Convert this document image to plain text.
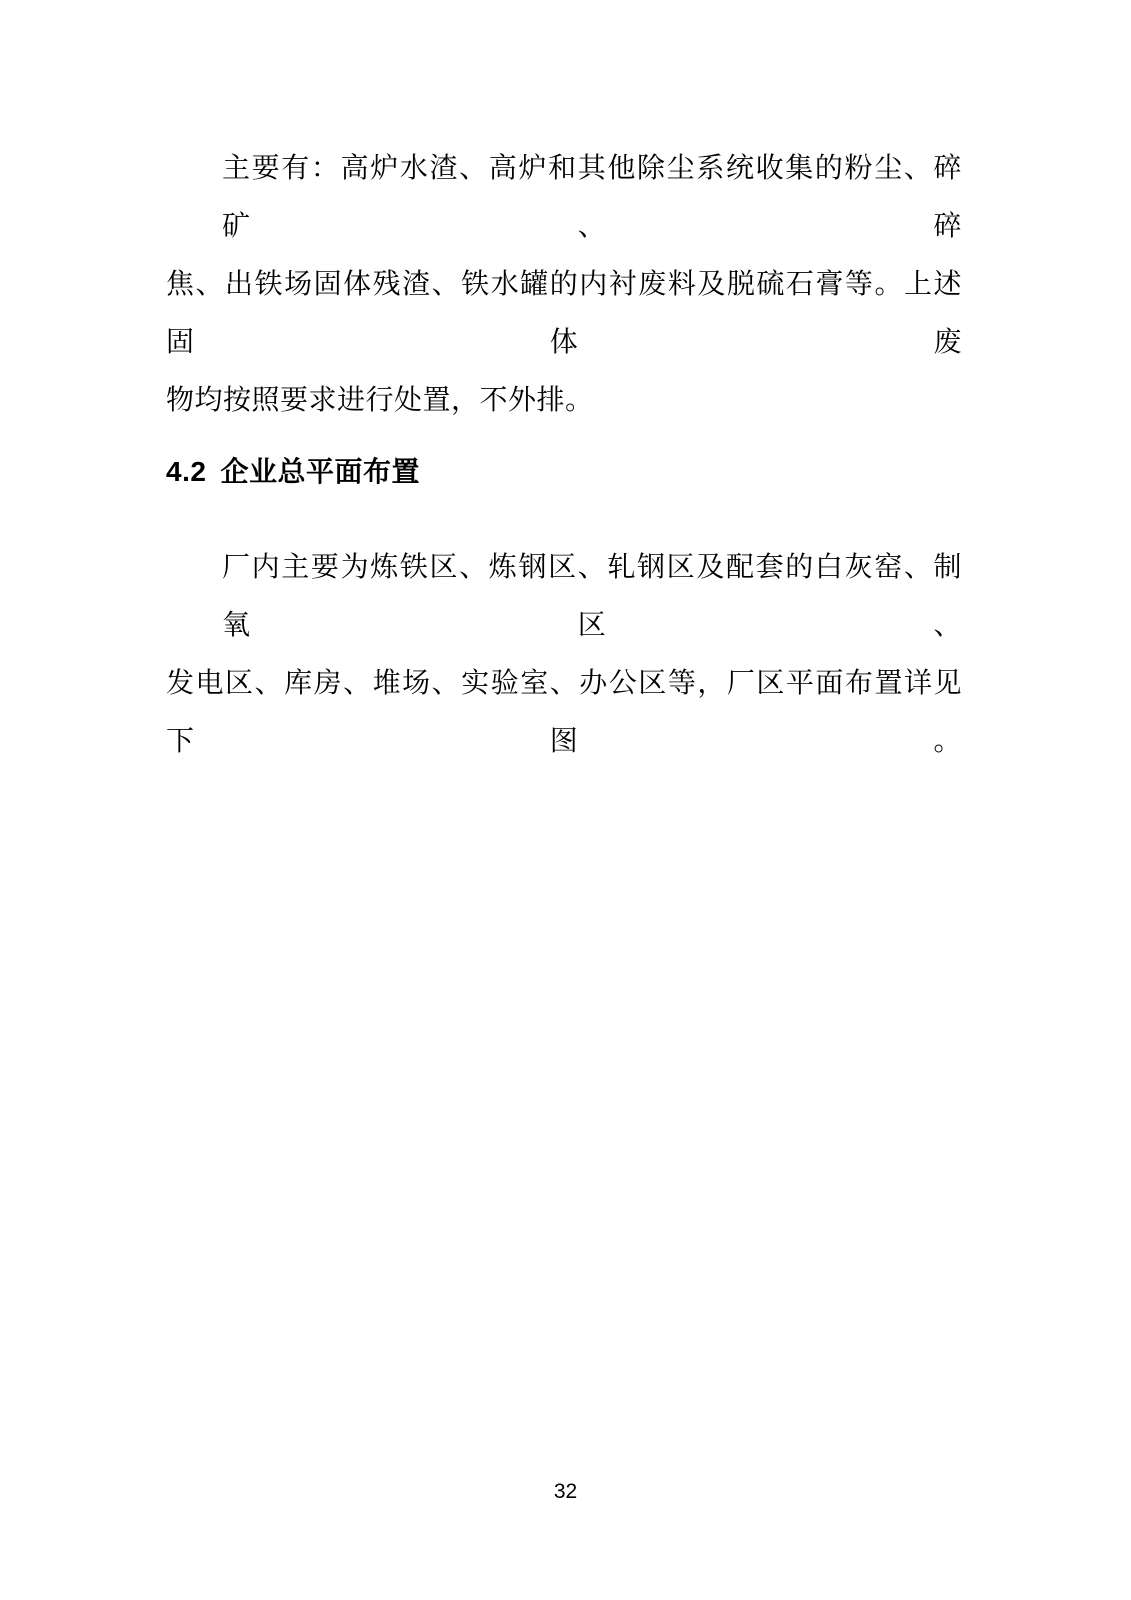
主要有：高炉水渣、高炉和其他除尘系统收集的粉尘、碎矿、碎
焦、出铁场固体残渣、铁水罐的内衬废料及脱硫石膏等。上述固体废
物均按照要求进行处置，不外排。

4.2 企业总平面布置

厂内主要为炼铁区、炼钢区、轧钢区及配套的白灰窑、制氧区、
发电区、库房、堆场、实验室、办公区等，厂区平面布置详见下图。

32
